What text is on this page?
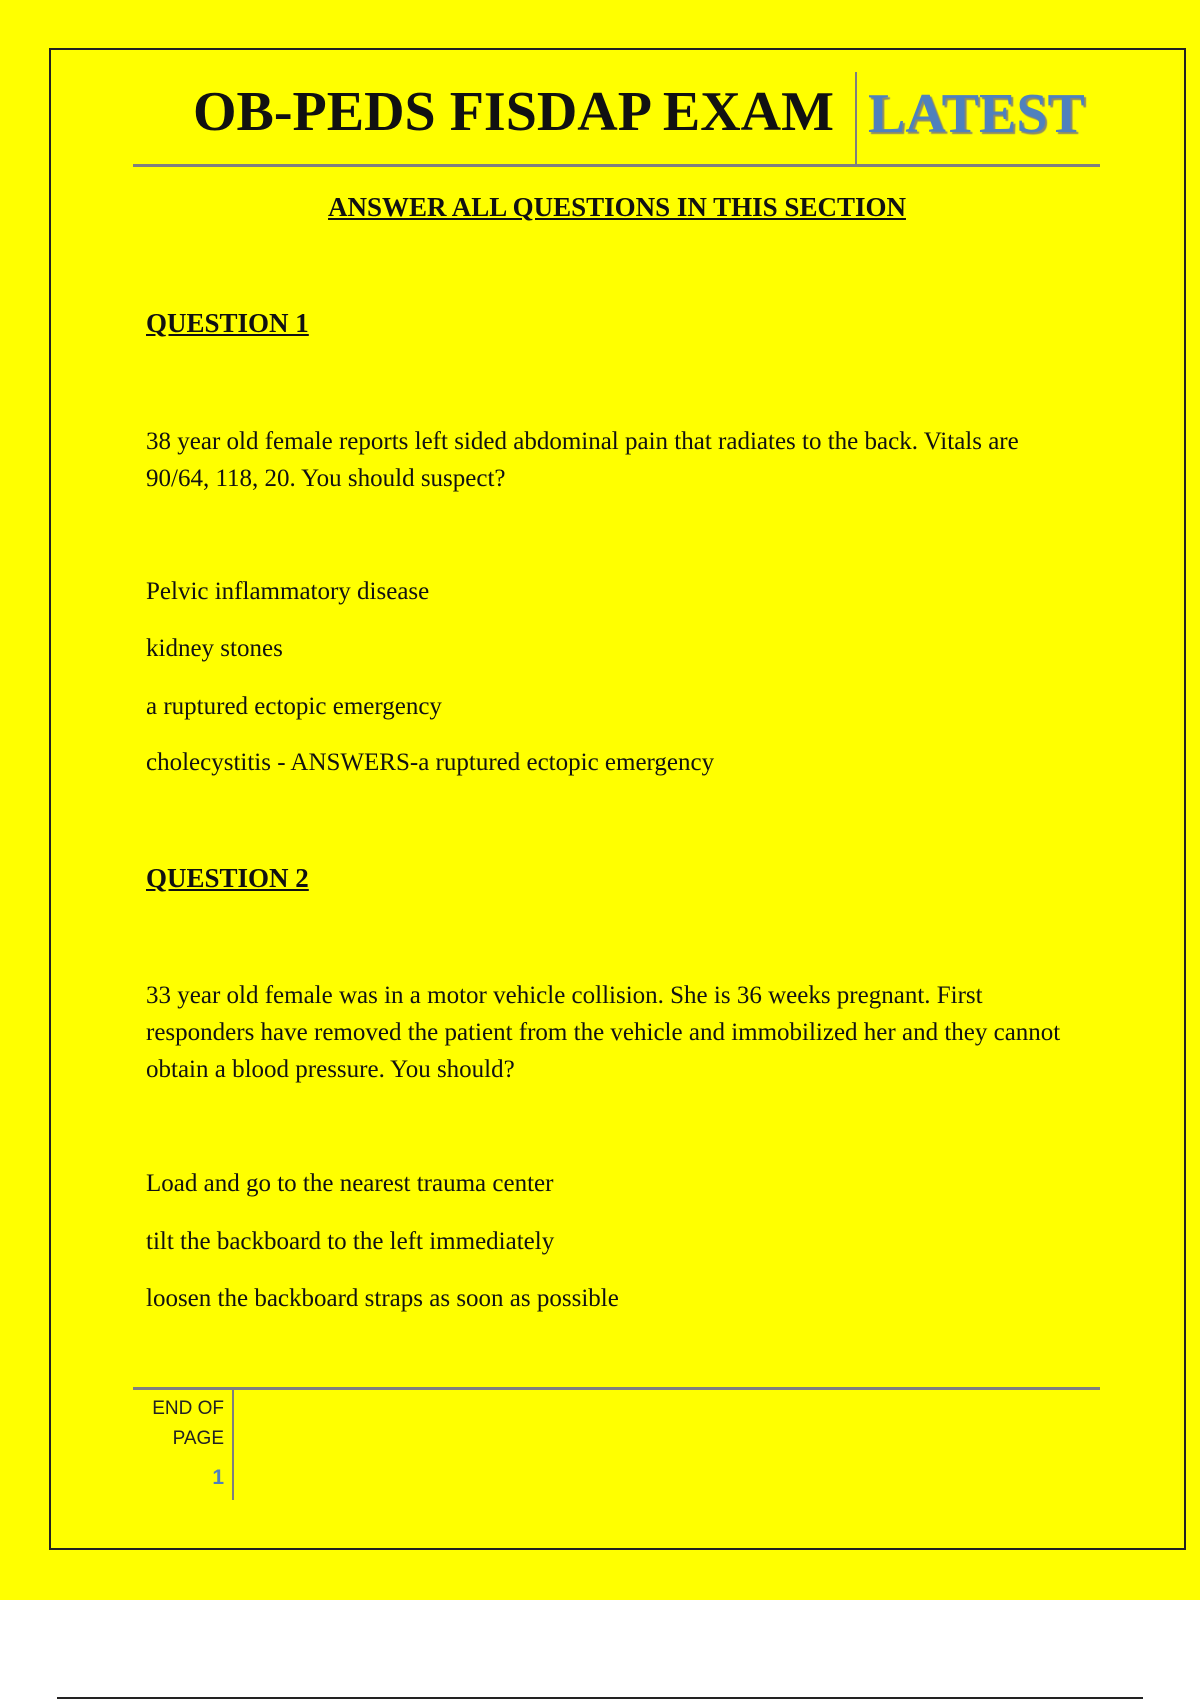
OB-PEDS FISDAP EXAM LATEST
ANSWER ALL QUESTIONS IN THIS SECTION
QUESTION 1
38 year old female reports left sided abdominal pain that radiates to the back. Vitals are 90/64, 118, 20. You should suspect?
Pelvic inflammatory disease
kidney stones
a ruptured ectopic emergency
cholecystitis - ANSWERS-a ruptured ectopic emergency
QUESTION 2
33 year old female was in a motor vehicle collision. She is 36 weeks pregnant. First responders have removed the patient from the vehicle and immobilized her and they cannot obtain a blood pressure. You should?
Load and go to the nearest trauma center
tilt the backboard to the left immediately
loosen the backboard straps as soon as possible
END OF
PAGE
1
